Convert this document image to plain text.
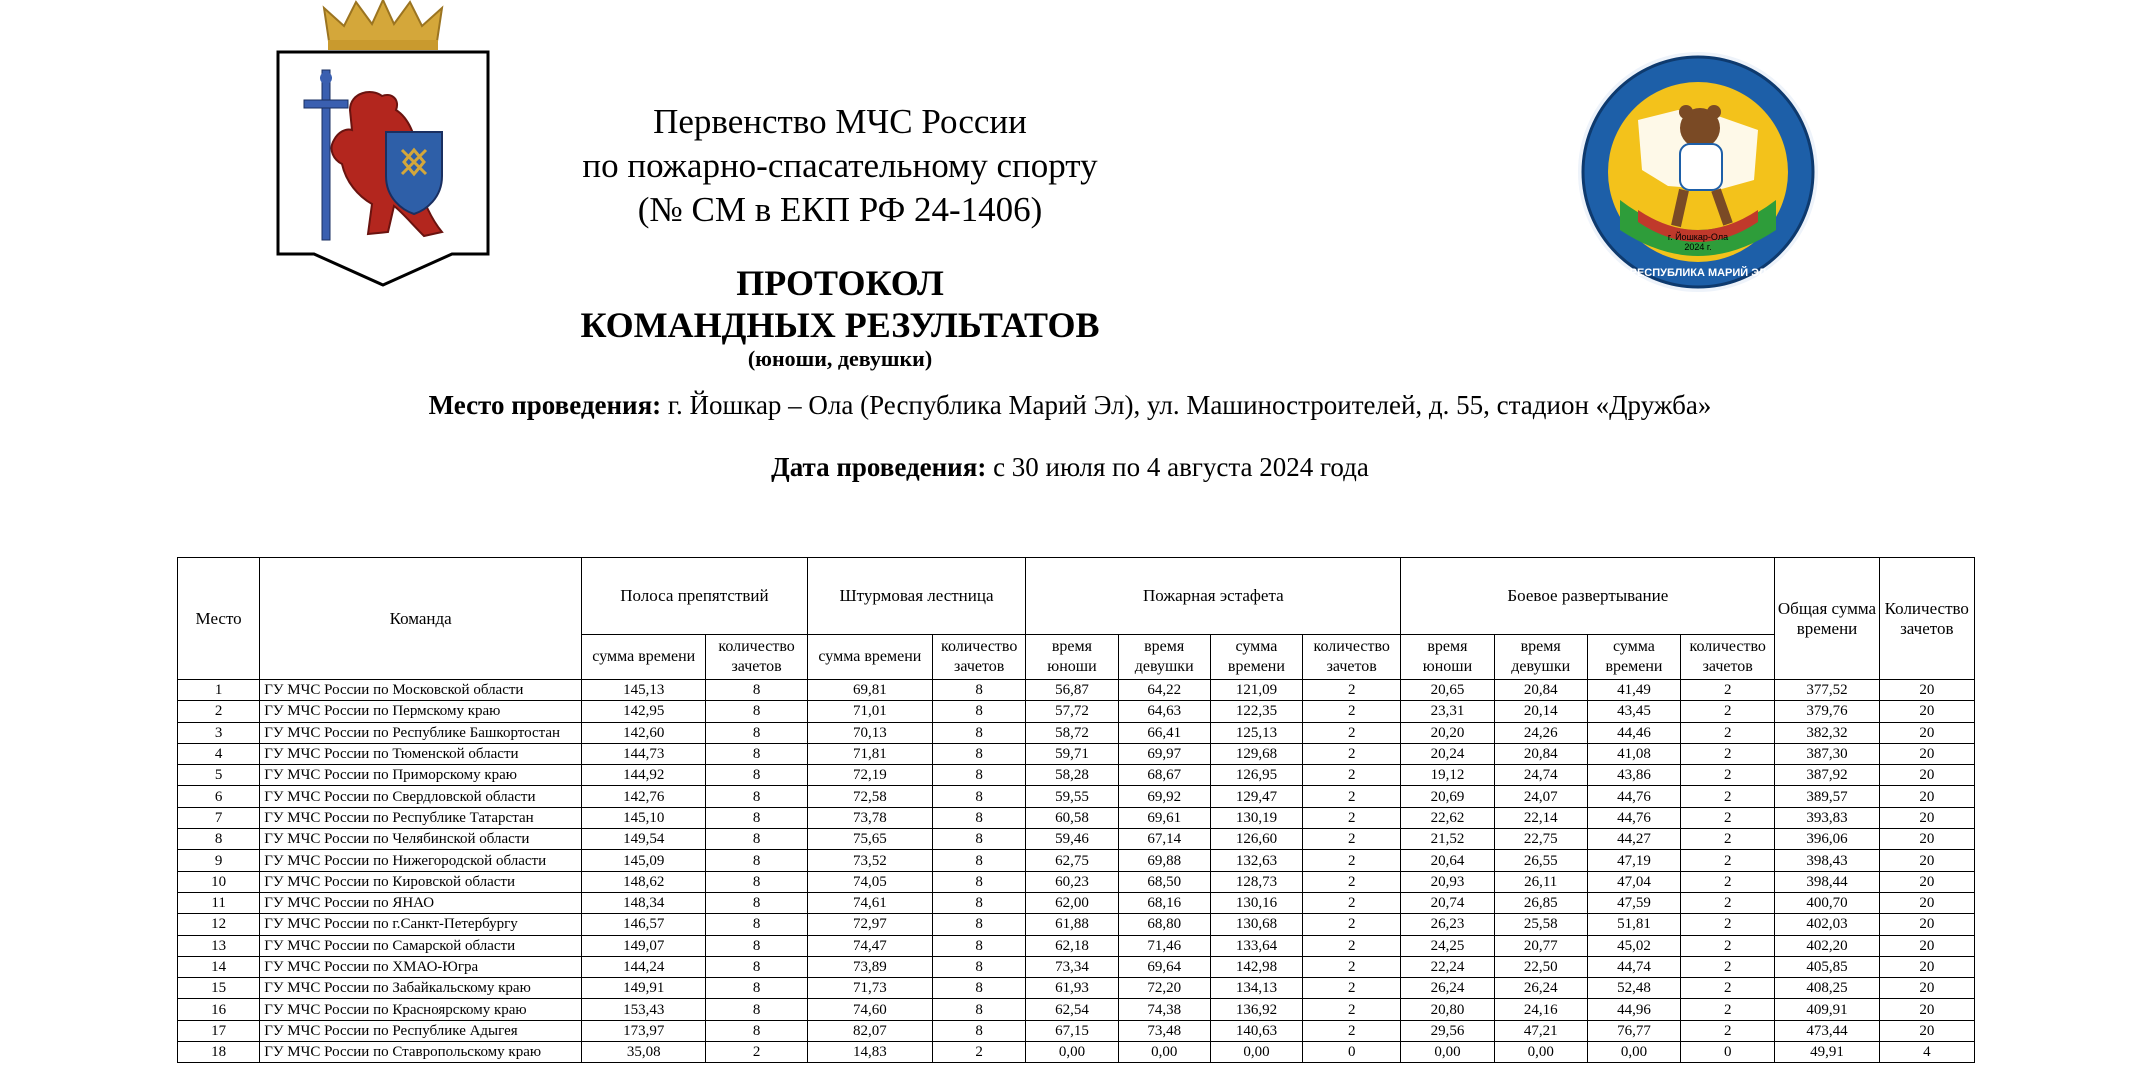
г. Йошкар-Ола
2024 г.
РЕСПУБЛИКА МАРИЙ ЭЛ
Первенство МЧС России
по пожарно-спасательному спорту
(№ СМ в ЕКП РФ 24-1406)
ПРОТОКОЛ
КОМАНДНЫХ РЕЗУЛЬТАТОВ
(юноши, девушки)
Место проведения: г. Йошкар – Ола (Республика Марий Эл), ул. Машиностроителей, д. 55, стадион «Дружба»
Дата проведения: с 30 июля по 4 августа 2024 года
Место	Команда	Полоса препятствий		Штурмовая лестница		Пожарная эстафета				Боевое развертывание				Общая сумма времени	Количество зачетов
		сумма времени	количество зачетов	сумма времени	количество зачетов	время юноши	время девушки	сумма времени	количество зачетов	время юноши	время девушки	сумма времени	количество зачетов		
1	ГУ МЧС России по Московской области	145,13	8	69,81	8	56,87	64,22	121,09	2	20,65	20,84	41,49	2	377,52	20
2	ГУ МЧС России по Пермскому краю	142,95	8	71,01	8	57,72	64,63	122,35	2	23,31	20,14	43,45	2	379,76	20
3	ГУ МЧС России по Республике Башкортостан	142,60	8	70,13	8	58,72	66,41	125,13	2	20,20	24,26	44,46	2	382,32	20
4	ГУ МЧС России по Тюменской области	144,73	8	71,81	8	59,71	69,97	129,68	2	20,24	20,84	41,08	2	387,30	20
5	ГУ МЧС России по Приморскому краю	144,92	8	72,19	8	58,28	68,67	126,95	2	19,12	24,74	43,86	2	387,92	20
6	ГУ МЧС России по Свердловской области	142,76	8	72,58	8	59,55	69,92	129,47	2	20,69	24,07	44,76	2	389,57	20
7	ГУ МЧС России по Республике Татарстан	145,10	8	73,78	8	60,58	69,61	130,19	2	22,62	22,14	44,76	2	393,83	20
8	ГУ МЧС России по Челябинской области	149,54	8	75,65	8	59,46	67,14	126,60	2	21,52	22,75	44,27	2	396,06	20
9	ГУ МЧС России по Нижегородской области	145,09	8	73,52	8	62,75	69,88	132,63	2	20,64	26,55	47,19	2	398,43	20
10	ГУ МЧС России по Кировской области	148,62	8	74,05	8	60,23	68,50	128,73	2	20,93	26,11	47,04	2	398,44	20
11	ГУ МЧС России по ЯНАО	148,34	8	74,61	8	62,00	68,16	130,16	2	20,74	26,85	47,59	2	400,70	20
12	ГУ МЧС России по г.Санкт-Петербургу	146,57	8	72,97	8	61,88	68,80	130,68	2	26,23	25,58	51,81	2	402,03	20
13	ГУ МЧС России по Самарской области	149,07	8	74,47	8	62,18	71,46	133,64	2	24,25	20,77	45,02	2	402,20	20
14	ГУ МЧС России по ХМАО-Югра	144,24	8	73,89	8	73,34	69,64	142,98	2	22,24	22,50	44,74	2	405,85	20
15	ГУ МЧС России по Забайкальскому краю	149,91	8	71,73	8	61,93	72,20	134,13	2	26,24	26,24	52,48	2	408,25	20
16	ГУ МЧС России по Красноярскому краю	153,43	8	74,60	8	62,54	74,38	136,92	2	20,80	24,16	44,96	2	409,91	20
17	ГУ МЧС России по Республике Адыгея	173,97	8	82,07	8	67,15	73,48	140,63	2	29,56	47,21	76,77	2	473,44	20
18	ГУ МЧС России по Ставропольскому краю	35,08	2	14,83	2	0,00	0,00	0,00	0	0,00	0,00	0,00	0	49,91	4
